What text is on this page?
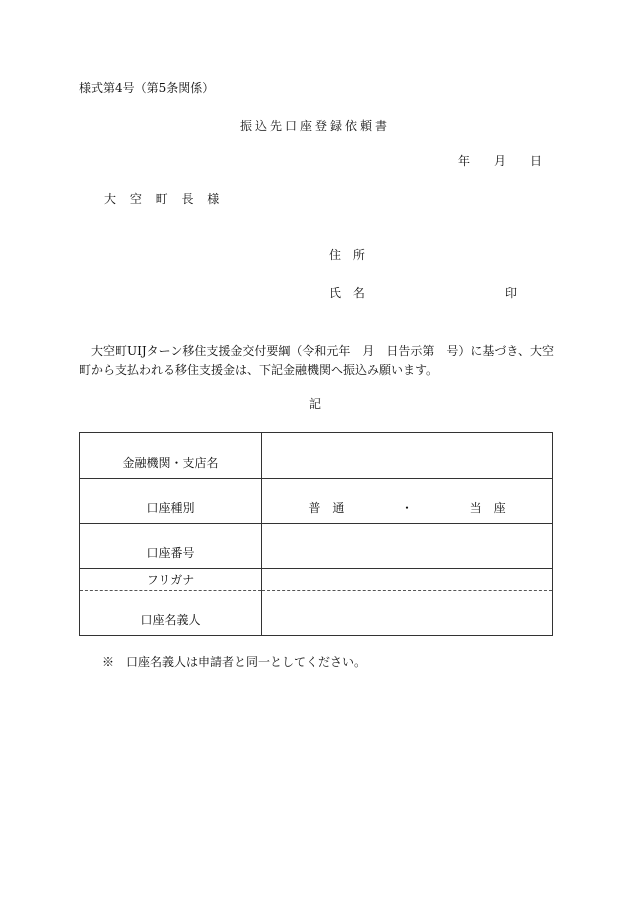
様式第4号（第5条関係）
振込先口座登録依頼書
年 月 日
大 空 町 長 様
住 所
氏 名	印
大空町UIJターン移住支援金交付要綱（令和元年　月　日告示第　号）に基づき、大空町から支払われる移住支援金は、下記金融機関へ振込み願います。
記
金融機関・支店名	
口座種別	普　通 ・ 当　座

口座番号	
フリガナ	
口座名義人	
※　口座名義人は申請者と同一としてください。
